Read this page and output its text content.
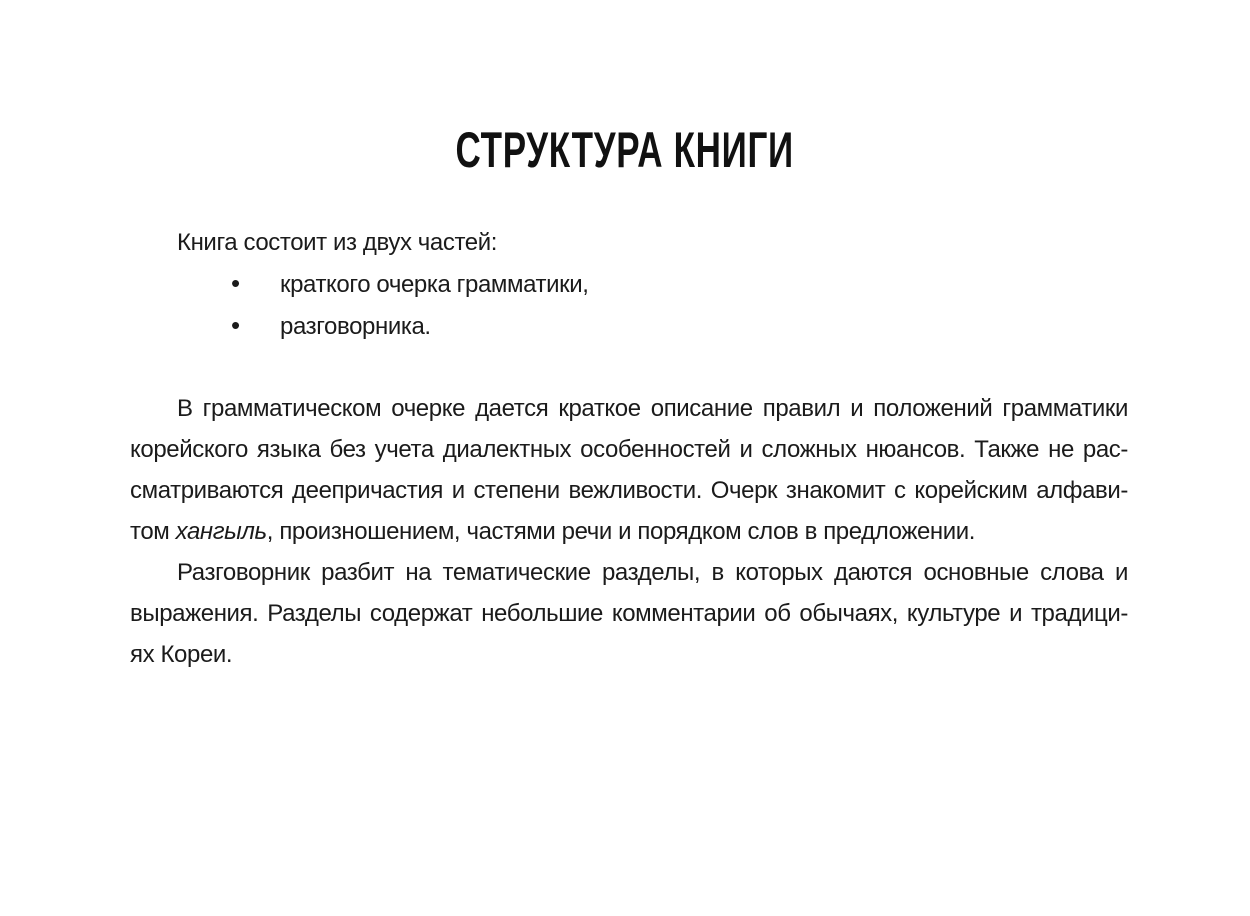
СТРУКТУРА КНИГИ
Книга состоит из двух частей:
• краткого очерка грамматики,
• разговорника.
В грамматическом очерке дается краткое описание правил и положений грамматики
корейского языка без учета диалектных особенностей и сложных нюансов. Также не рас-
сматриваются деепричастия и степени вежливости. Очерк знакомит с корейским алфави-
том хангыль, произношением, частями речи и порядком слов в предложении.
Разговорник разбит на тематические разделы, в которых даются основные слова и
выражения. Разделы содержат небольшие комментарии об обычаях, культуре и традици-
ях Кореи.
